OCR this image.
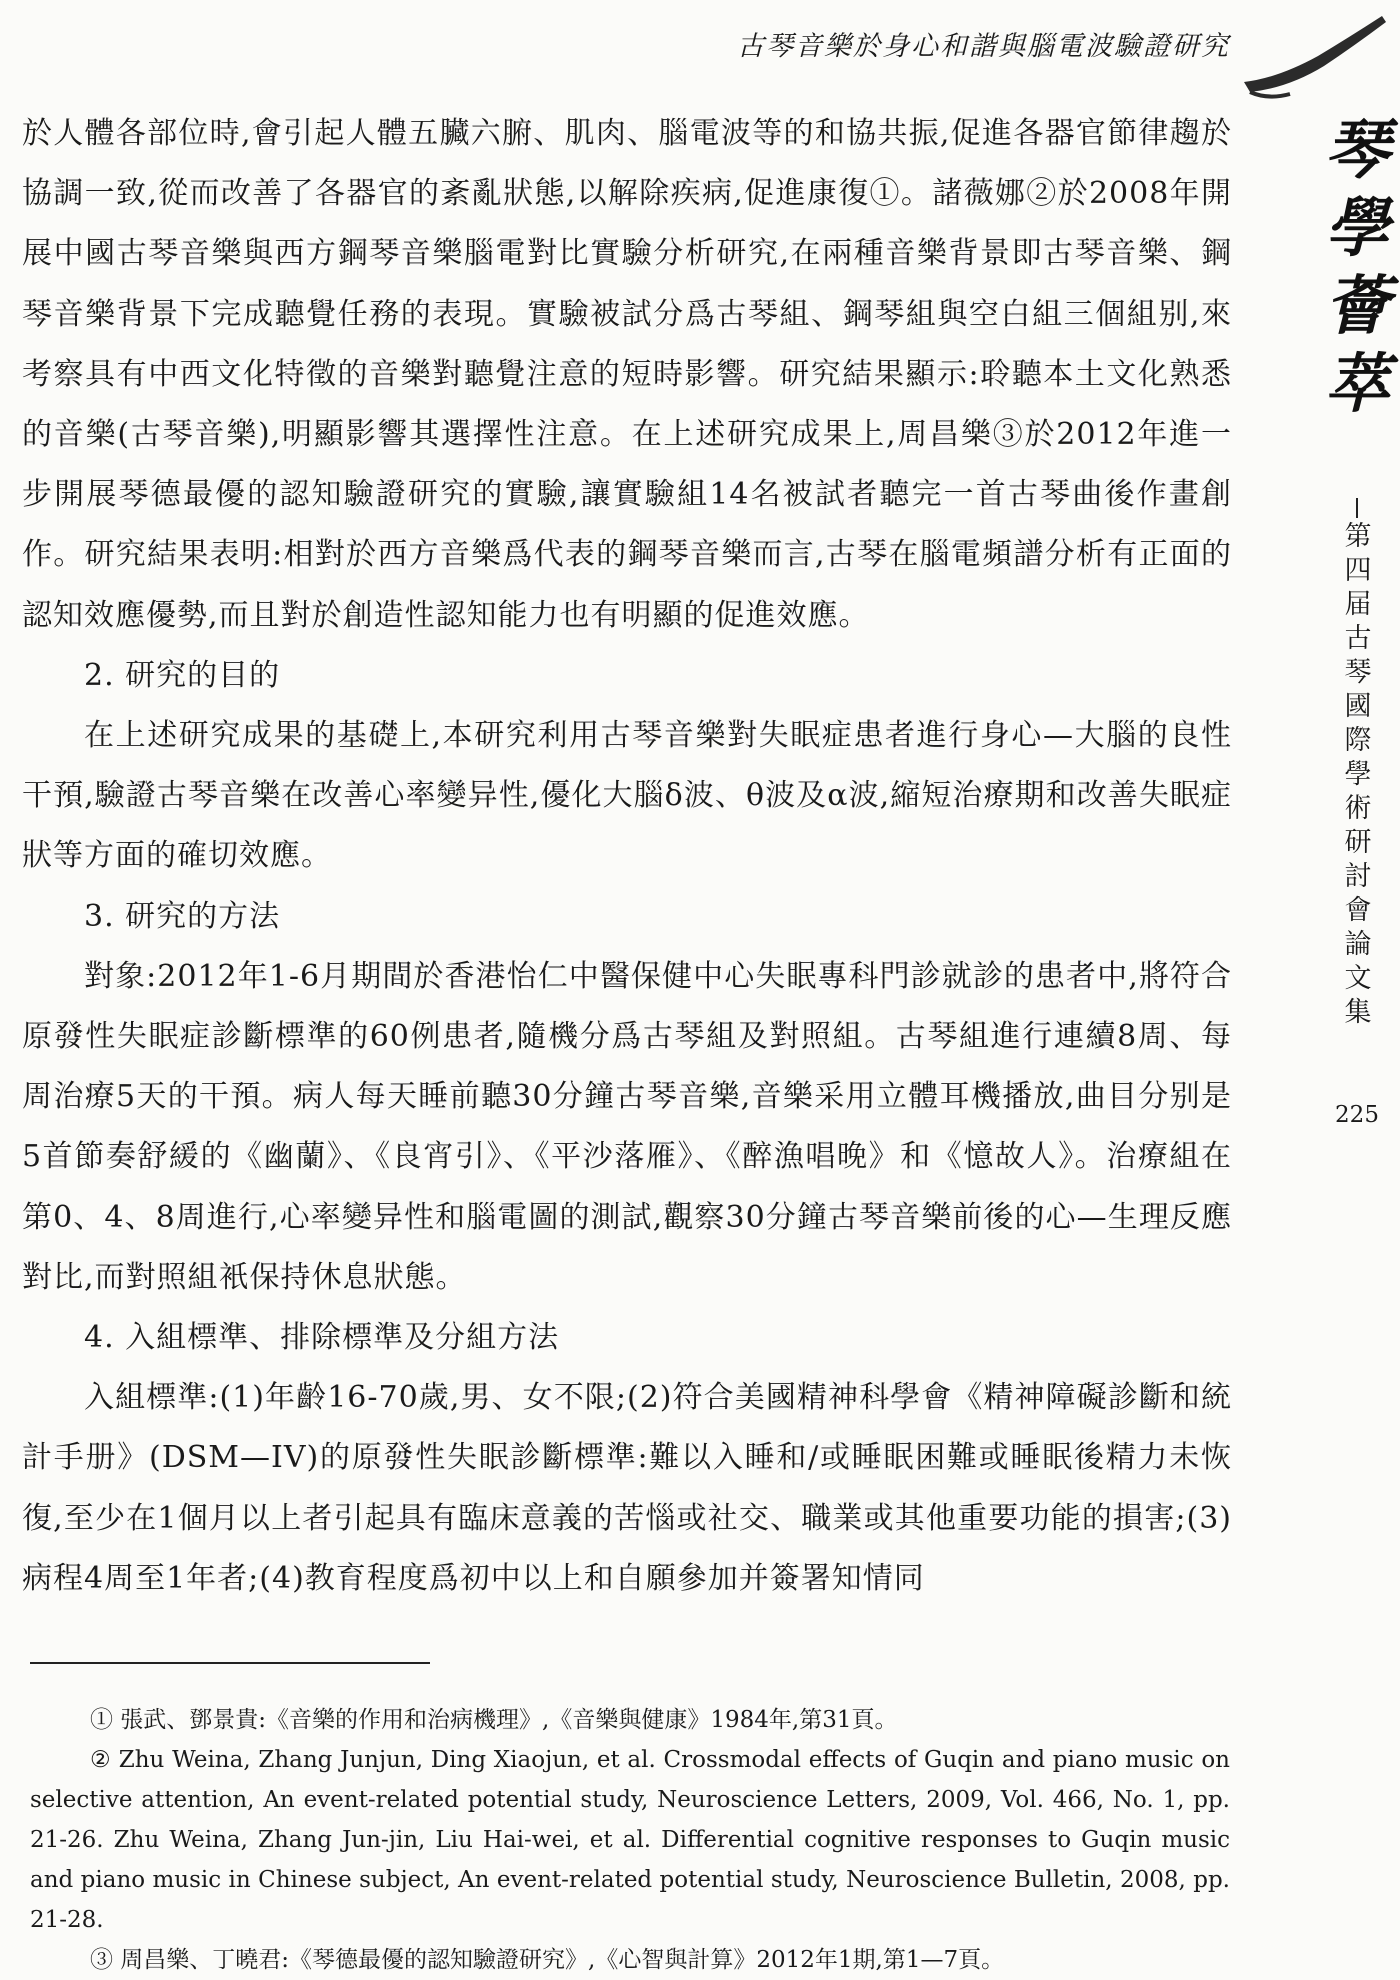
古琴音樂於身心和諧與腦電波驗證研究

於人體各部位時,會引起人體五臟六腑、肌肉、腦電波等的和協共振,促進各器官節律趨於協調一致,從而改善了各器官的紊亂狀態,以解除疾病,促進康復①。諸薇娜②於2008年開展中國古琴音樂與西方鋼琴音樂腦電對比實驗分析研究,在兩種音樂背景即古琴音樂、鋼琴音樂背景下完成聽覺任務的表現。實驗被試分爲古琴組、鋼琴組與空白組三個組别,來考察具有中西文化特徵的音樂對聽覺注意的短時影響。研究結果顯示:聆聽本土文化熟悉的音樂(古琴音樂),明顯影響其選擇性注意。在上述研究成果上,周昌樂③於2012年進一步開展琴德最優的認知驗證研究的實驗,讓實驗組14名被試者聽完一首古琴曲後作畫創作。研究結果表明:相對於西方音樂爲代表的鋼琴音樂而言,古琴在腦電頻譜分析有正面的認知效應優勢,而且對於創造性認知能力也有明顯的促進效應。

2. 研究的目的

在上述研究成果的基礎上,本研究利用古琴音樂對失眠症患者進行身心—大腦的良性干預,驗證古琴音樂在改善心率變异性,優化大腦δ波、θ波及α波,縮短治療期和改善失眠症狀等方面的確切效應。

3. 研究的方法

對象:2012年1-6月期間於香港怡仁中醫保健中心失眠專科門診就診的患者中,將符合原發性失眠症診斷標準的60例患者,隨機分爲古琴組及對照組。古琴組進行連續8周、每周治療5天的干預。病人每天睡前聽30分鐘古琴音樂,音樂采用立體耳機播放,曲目分别是5首節奏舒緩的《幽蘭》、《良宵引》、《平沙落雁》、《醉漁唱晚》和《憶故人》。治療組在第0、4、8周進行,心率變异性和腦電圖的測試,觀察30分鐘古琴音樂前後的心—生理反應對比,而對照組衹保持休息狀態。

4. 入組標準、排除標準及分組方法

入組標準:(1)年齡16-70歲,男、女不限;(2)符合美國精神科學會《精神障礙診斷和統計手册》(DSM—IV)的原發性失眠診斷標準:難以入睡和/或睡眠困難或睡眠後精力未恢復,至少在1個月以上者引起具有臨床意義的苦惱或社交、職業或其他重要功能的損害;(3)病程4周至1年者;(4)教育程度爲初中以上和自願參加并簽署知情同

① 張武、鄧景貴:《音樂的作用和治病機理》,《音樂與健康》1984年,第31頁。

② Zhu Weina, Zhang Junjun, Ding Xiaojun, et al. Crossmodal effects of Guqin and piano music on selective attention, An event-related potential study, Neuroscience Letters, 2009, Vol. 466, No. 1, pp. 21-26. Zhu Weina, Zhang Jun-jin, Liu Hai-wei, et al. Differential cognitive responses to Guqin music and piano music in Chinese subject, An event-related potential study, Neuroscience Bulletin, 2008, pp. 21-28.

③ 周昌樂、丁曉君:《琴德最優的認知驗證研究》,《心智與計算》2012年1期,第1—7頁。

琴
學
薈
萃
第
四
届
古
琴
國
際
學
術
研
討
會
論
文
集
225
